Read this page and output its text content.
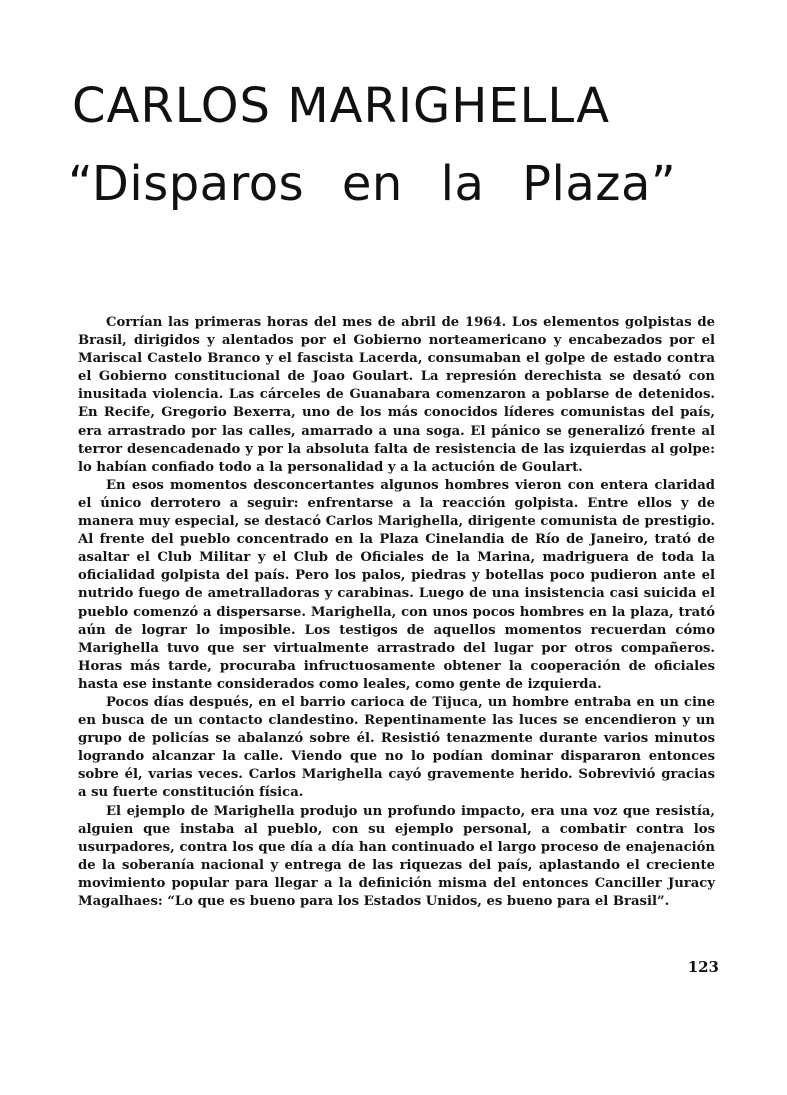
CARLOS MARIGHELLA
“Disparos en la Plaza”

Corrían las primeras horas del mes de abril de 1964. Los elementos golpistas de Brasil, dirigidos y alentados por el Gobierno norteamericano y encabezados por el Mariscal Castelo Branco y el fascista Lacerda, consumaban el golpe de estado contra el Gobierno constitucional de Joao Goulart. La represión derechista se desató con inusitada violencia. Las cárceles de Guanabara comenzaron a poblarse de detenidos. En Recife, Gregorio Bexerra, uno de los más conocidos líderes comunistas del país, era arrastrado por las calles, amarrado a una soga. El pánico se generalizó frente al terror desencadenado y por la absoluta falta de resistencia de las izquierdas al golpe: lo habían confiado todo a la personalidad y a la actución de Goulart.

En esos momentos desconcertantes algunos hombres vieron con entera claridad el único derrotero a seguir: enfrentarse a la reacción golpista. Entre ellos y de manera muy especial, se destacó Carlos Marighella, dirigente comunista de prestigio. Al frente del pueblo concentrado en la Plaza Cinelandia de Río de Janeiro, trató de asaltar el Club Militar y el Club de Oficiales de la Marina, madriguera de toda la oficialidad golpista del país. Pero los palos, piedras y botellas poco pudieron ante el nutrido fuego de ametralladoras y carabinas. Luego de una insistencia casi suicida el pueblo comenzó a dispersarse. Marighella, con unos pocos hombres en la plaza, trató aún de lograr lo imposible. Los testigos de aquellos momentos recuerdan cómo Marighella tuvo que ser virtualmente arrastrado del lugar por otros compañeros. Horas más tarde, procuraba infructuosamente obtener la cooperación de oficiales hasta ese instante considerados como leales, como gente de izquierda.

Pocos días después, en el barrio carioca de Tijuca, un hombre entraba en un cine en busca de un contacto clandestino. Repentinamente las luces se encendieron y un grupo de policías se abalanzó sobre él. Resistió tenazmente durante varios minutos logrando alcanzar la calle. Viendo que no lo podían dominar dispararon entonces sobre él, varias veces. Carlos Marighella cayó gravemente herido. Sobrevivió gracias a su fuerte constitución física.

El ejemplo de Marighella produjo un profundo impacto, era una voz que resistía, alguien que instaba al pueblo, con su ejemplo personal, a combatir contra los usurpadores, contra los que día a día han continuado el largo proceso de enajenación de la soberanía nacional y entrega de las riquezas del país, aplastando el creciente movimiento popular para llegar a la definición misma del entonces Canciller Juracy Magalhaes: “Lo que es bueno para los Estados Unidos, es bueno para el Brasil”.

123
